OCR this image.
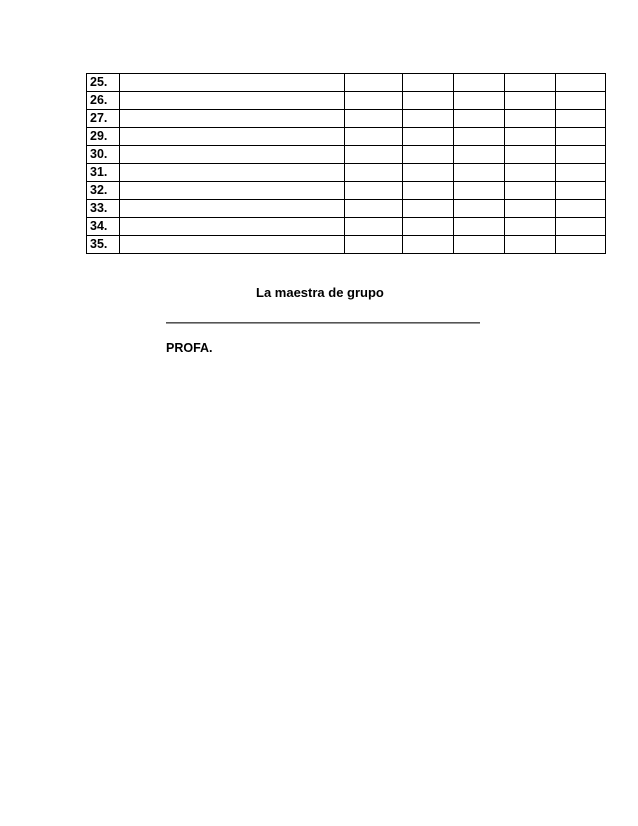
25.						
26.						
27.						
29.						
30.						
31.						
32.						
33.						
34.						
35.						
La maestra de grupo
PROFA.
